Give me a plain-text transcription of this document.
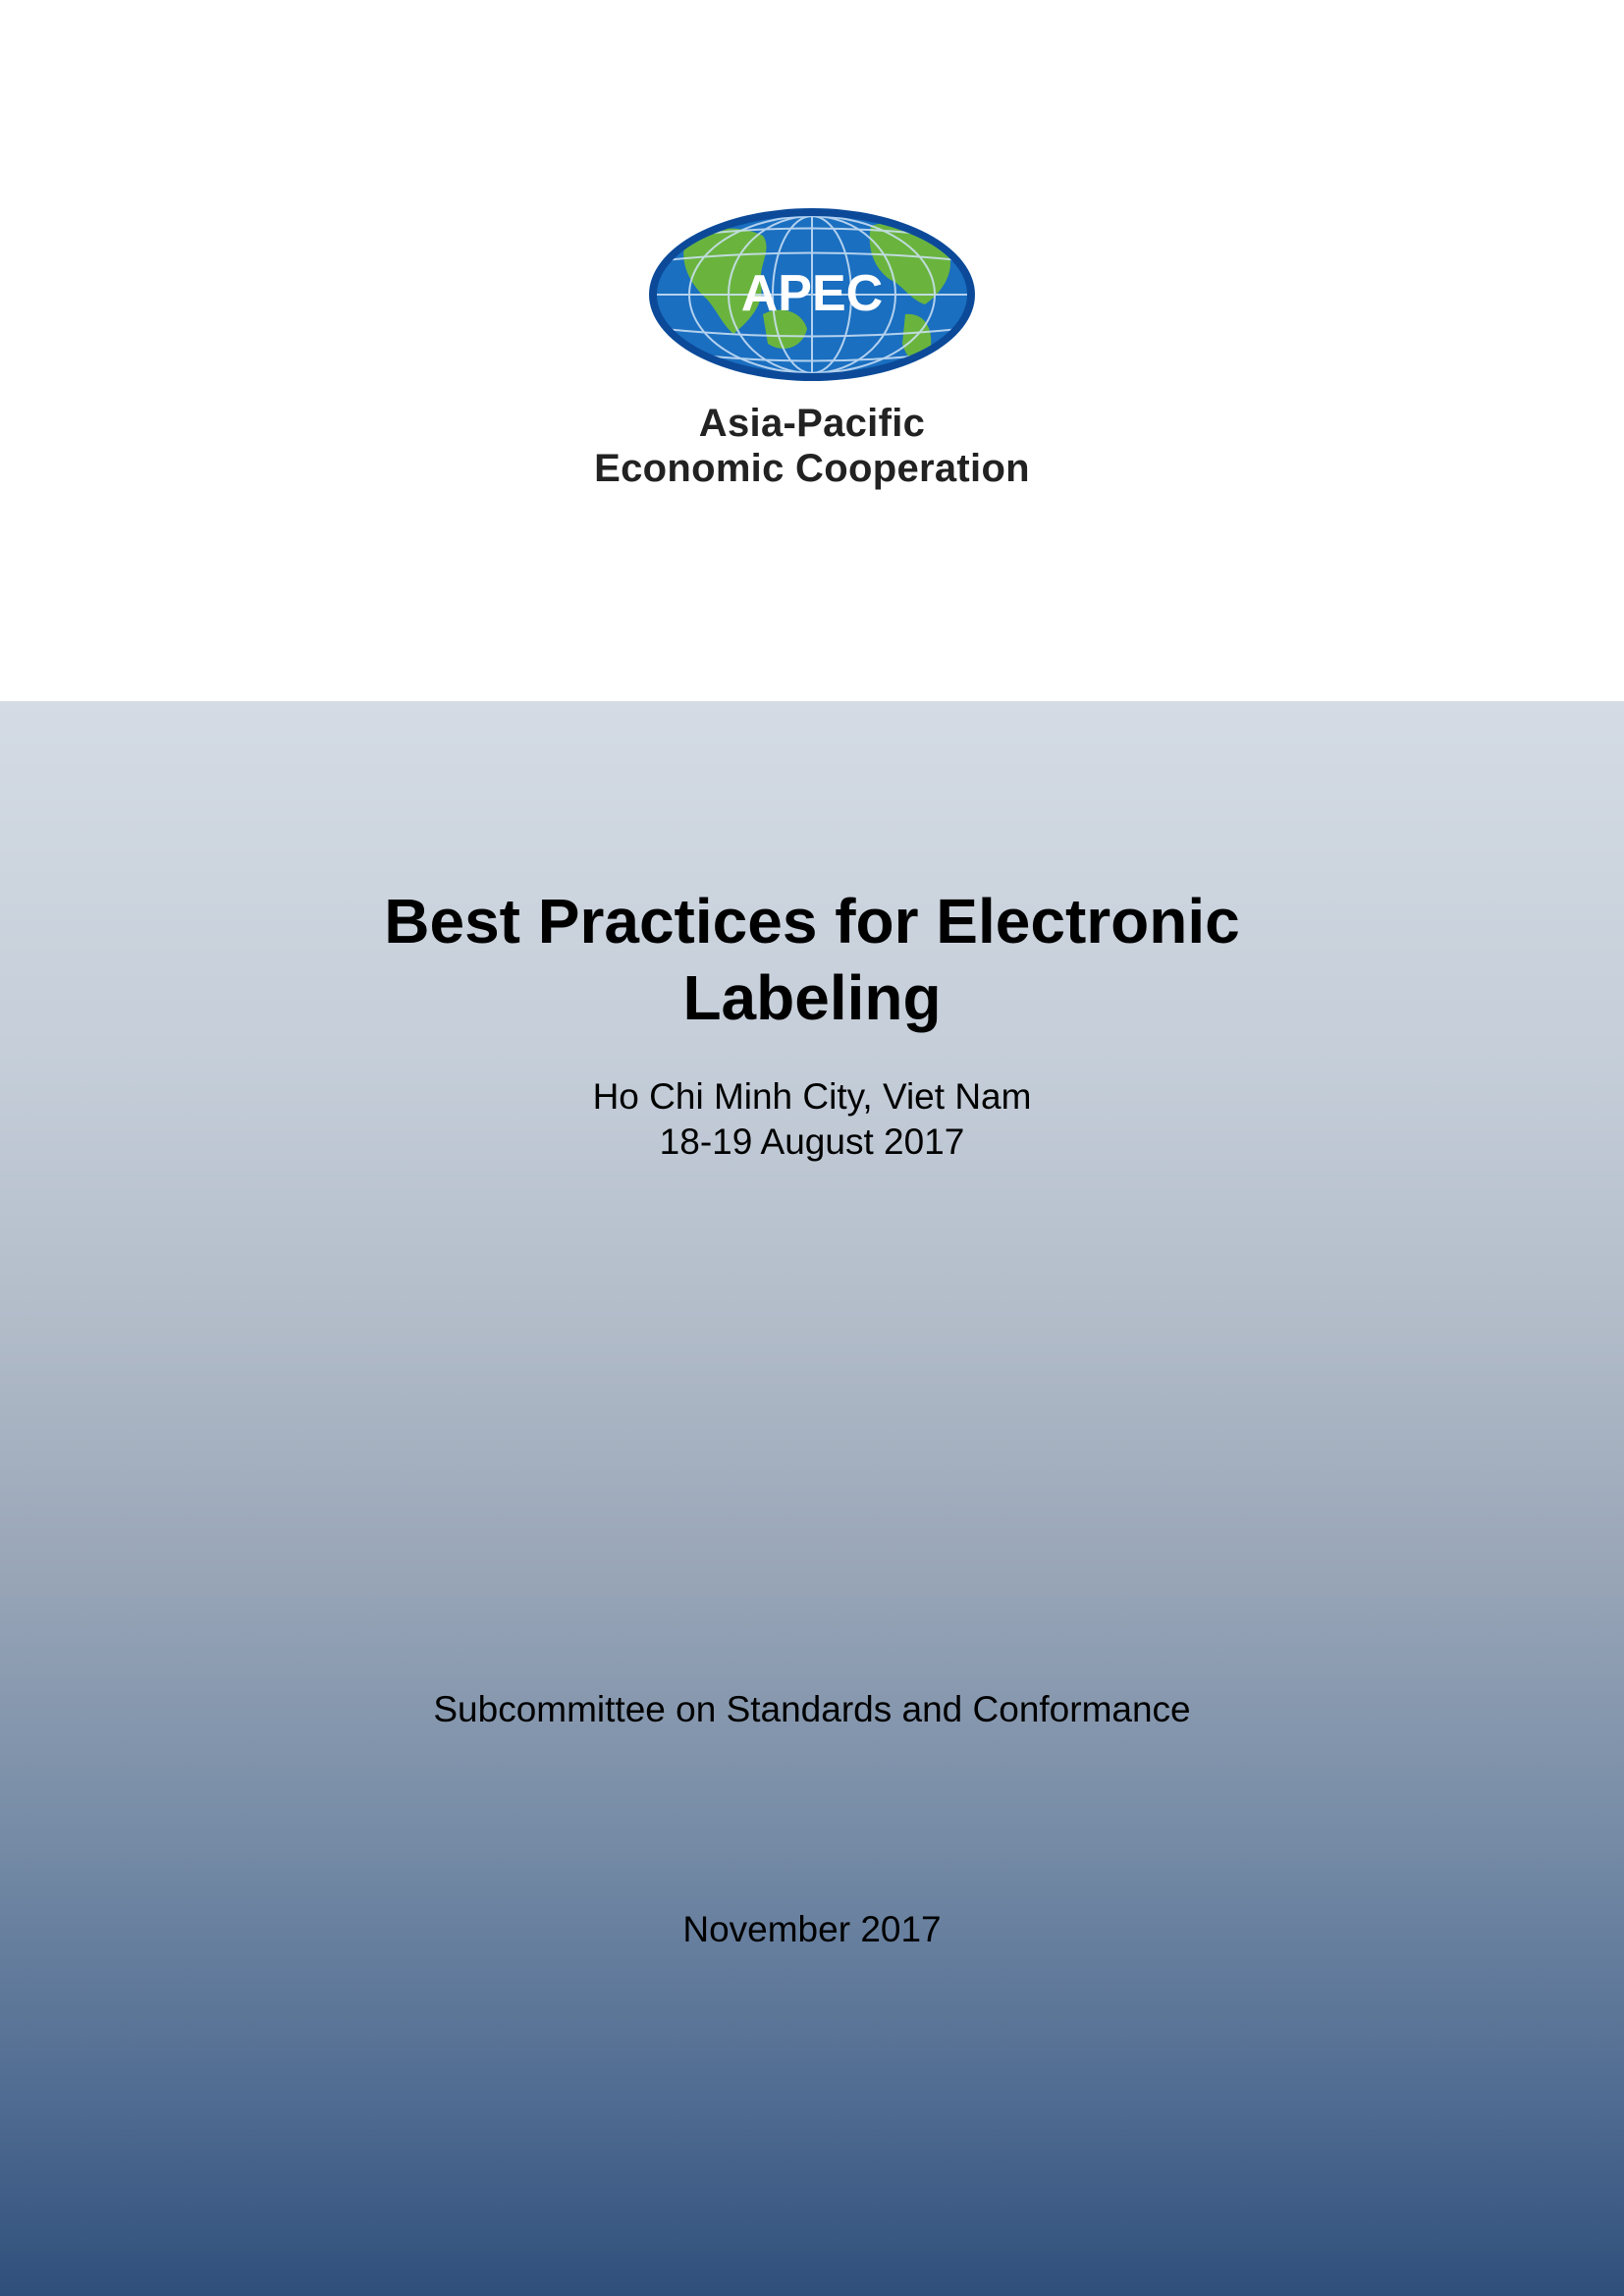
APEC
Asia-Pacific
Economic Cooperation
Best Practices for Electronic
Labeling
Ho Chi Minh City, Viet Nam
18-19 August 2017
Subcommittee on Standards and Conformance
November 2017
